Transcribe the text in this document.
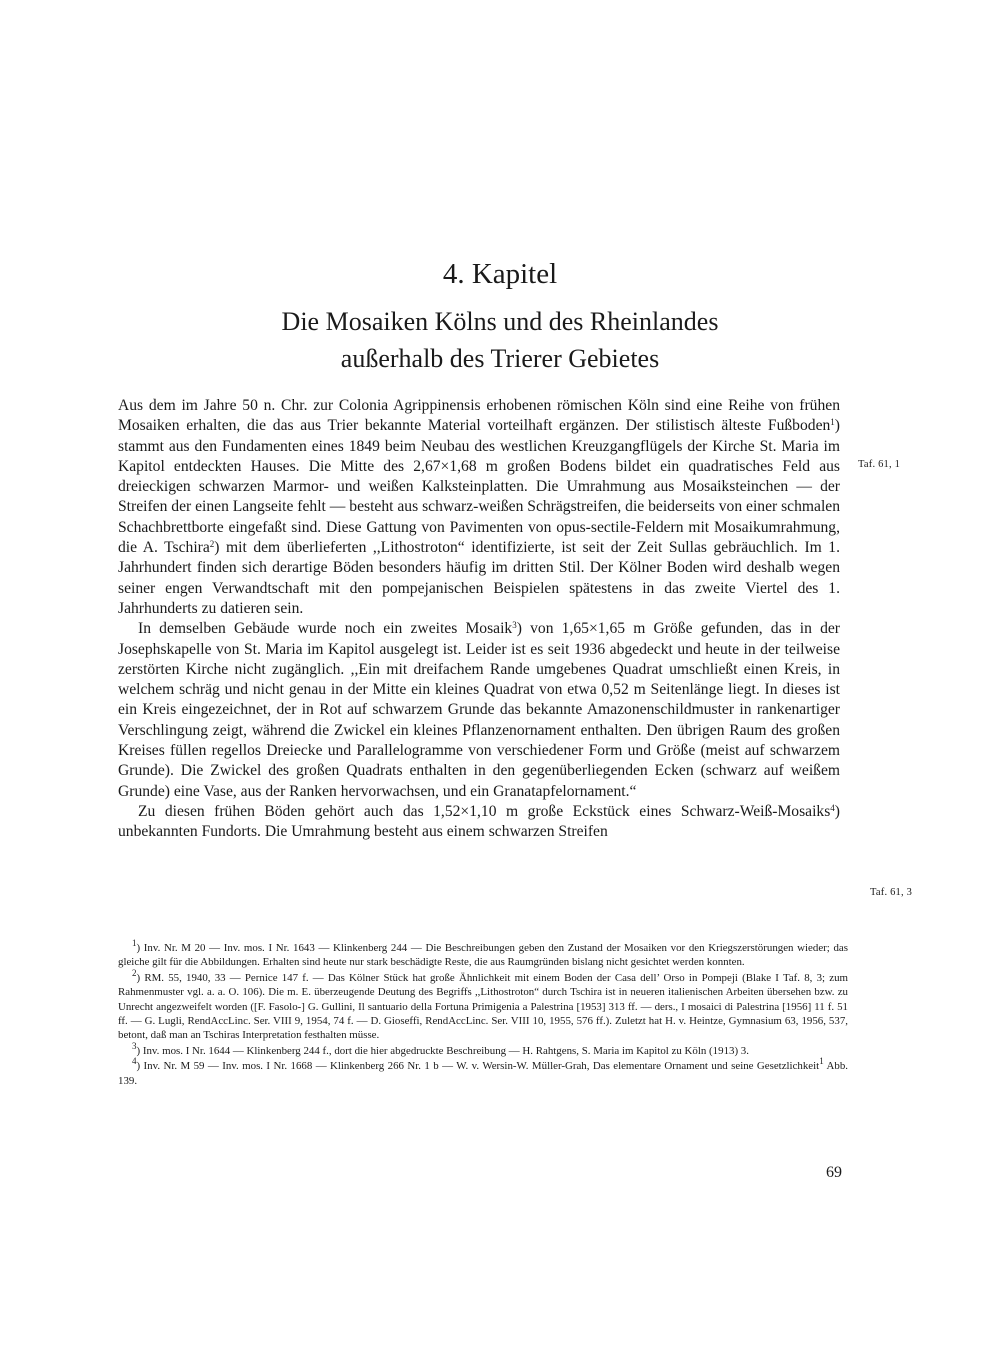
4. Kapitel
Die Mosaiken Kölns und des Rheinlandes
außerhalb des Trierer Gebietes

Aus dem im Jahre 50 n. Chr. zur Colonia Agrippinensis erhobenen römischen Köln sind eine Reihe von frühen Mosaiken erhalten, die das aus Trier bekannte Material vorteilhaft ergänzen. Der stilistisch älteste Fußboden$^1$) stammt aus den Fundamenten eines 1849 beim Neubau des westlichen Kreuzgangflügels der Kirche St. Maria im Kapitol entdeckten Hauses. Die Mitte des 2,67×1,68 m großen Bodens bildet ein quadratisches Feld aus dreieckigen schwarzen Marmor- und weißen Kalksteinplatten. Die Umrahmung aus Mosaiksteinchen — der Streifen der einen Langseite fehlt — besteht aus schwarz-weißen Schrägstreifen, die beiderseits von einer schmalen Schachbrettborte eingefaßt sind. Diese Gattung von Pavimenten von opus-sectile-Feldern mit Mosaikumrahmung, die A. Tschira$^2$) mit dem überlieferten ,,Lithostroton“ identifizierte, ist seit der Zeit Sullas gebräuchlich. Im 1. Jahrhundert finden sich derartige Böden besonders häufig im dritten Stil. Der Kölner Boden wird deshalb wegen seiner engen Verwandtschaft mit den pompejanischen Beispielen spätestens in das zweite Viertel des 1. Jahrhunderts zu datieren sein.

In demselben Gebäude wurde noch ein zweites Mosaik$^3$) von 1,65×1,65 m Größe gefunden, das in der Josephskapelle von St. Maria im Kapitol ausgelegt ist. Leider ist es seit 1936 abgedeckt und heute in der teilweise zerstörten Kirche nicht zugänglich. ,,Ein mit dreifachem Rande umgebenes Quadrat umschließt einen Kreis, in welchem schräg und nicht genau in der Mitte ein kleines Quadrat von etwa 0,52 m Seitenlänge liegt. In dieses ist ein Kreis eingezeichnet, der in Rot auf schwarzem Grunde das bekannte Amazonenschildmuster in rankenartiger Verschlingung zeigt, während die Zwickel ein kleines Pflanzenornament enthalten. Den übrigen Raum des großen Kreises füllen regellos Dreiecke und Parallelogramme von verschiedener Form und Größe (meist auf schwarzem Grunde). Die Zwickel des großen Quadrats enthalten in den gegenüberliegenden Ecken (schwarz auf weißem Grunde) eine Vase, aus der Ranken hervorwachsen, und ein Granatapfelornament.“

Zu diesen frühen Böden gehört auch das 1,52×1,10 m große Eckstück eines Schwarz-Weiß-Mosaiks$^4$) unbekannten Fundorts. Die Umrahmung besteht aus einem schwarzen Streifen

Taf. 61, 1
Taf. 61, 3

$^1$) Inv. Nr. M 20 — Inv. mos. I Nr. 1643 — Klinkenberg 244 — Die Beschreibungen geben den Zustand der Mosaiken vor den Kriegszerstörungen wieder; das gleiche gilt für die Abbildungen. Erhalten sind heute nur stark beschädigte Reste, die aus Raumgründen bislang nicht gesichtet werden konnten.

$^2$) RM. 55, 1940, 33 — Pernice 147 f. — Das Kölner Stück hat große Ähnlichkeit mit einem Boden der Casa dell’ Orso in Pompeji (Blake I Taf. 8, 3; zum Rahmenmuster vgl. a. a. O. 106). Die m. E. überzeugende Deutung des Begriffs ,,Lithostroton“ durch Tschira ist in neueren italienischen Arbeiten übersehen bzw. zu Unrecht angezweifelt worden ([F. Fasolo-] G. Gullini, Il santuario della Fortuna Primigenia a Palestrina [1953] 313 ff. — ders., I mosaici di Palestrina [1956] 11 f. 51 ff. — G. Lugli, RendAccLinc. Ser. VIII 9, 1954, 74 f. — D. Gioseffi, RendAccLinc. Ser. VIII 10, 1955, 576 ff.). Zuletzt hat H. v. Heintze, Gymnasium 63, 1956, 537, betont, daß man an Tschiras Interpretation festhalten müsse.

$^3$) Inv. mos. I Nr. 1644 — Klinkenberg 244 f., dort die hier abgedruckte Beschreibung — H. Rahtgens, S. Maria im Kapitol zu Köln (1913) 3.

$^4$) Inv. Nr. M 59 — Inv. mos. I Nr. 1668 — Klinkenberg 266 Nr. 1 b — W. v. Wersin-W. Müller-Grah, Das elementare Ornament und seine Gesetzlichkeit$^1$ Abb. 139.

69
